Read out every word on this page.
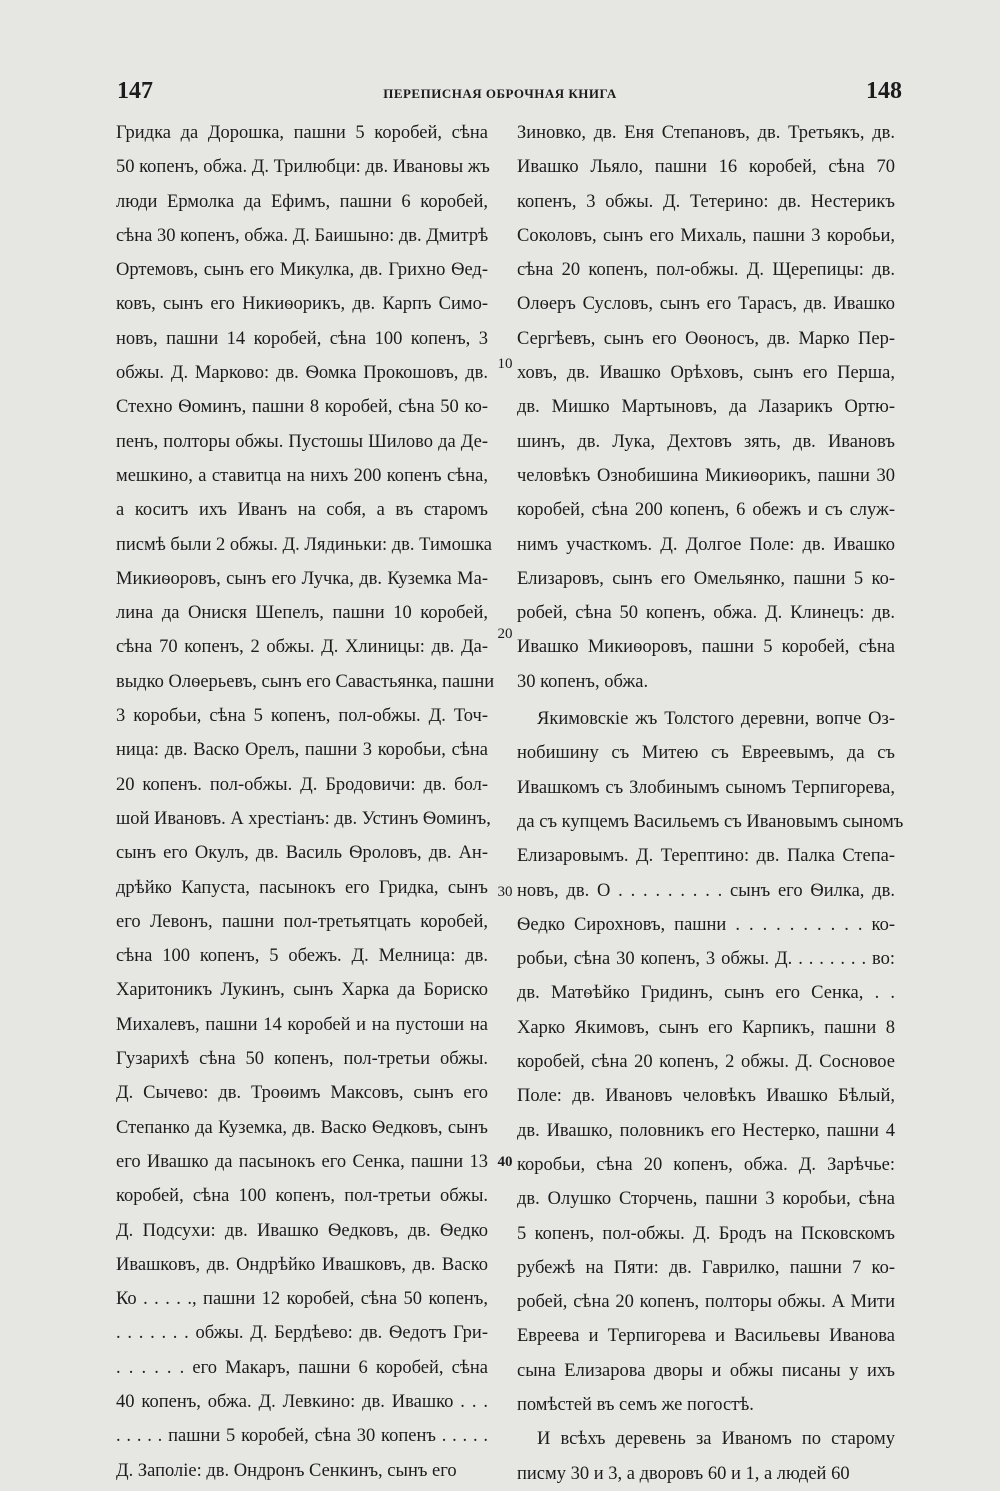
147	ПЕРЕПИСНАЯ ОБРОЧНАЯ КНИГА	148
Гридка да Дорошка, пашни 5 коробей, сѣна
50 копенъ, обжа. Д. Трилюбци: дв. Ивановы жъ
люди Ермолка да Ефимъ, пашни 6 коробей,
сѣна 30 копенъ, обжа. Д. Баишыно: дв. Дмитрѣ
Ортемовъ, сынъ его Микулка, дв. Грихно Ѳед-
ковъ, сынъ его Никиѳорикъ, дв. Карпъ Симо-
новъ, пашни 14 коробей, сѣна 100 копенъ, 3
обжы. Д. Марково: дв. Ѳомка Прокошовъ, дв.
Стехно Ѳоминъ, пашни 8 коробей, сѣна 50 ко-
пенъ, полторы обжы. Пустошы Шилово да Де-
мешкино, а ставитца на нихъ 200 копенъ сѣна,
а коситъ ихъ Иванъ на собя, а въ старомъ
писмѣ были 2 обжы. Д. Лядиньки: дв. Тимошка
Микиѳоровъ, сынъ его Лучка, дв. Куземка Ма-
лина да Онискя Шепелъ, пашни 10 коробей,
сѣна 70 копенъ, 2 обжы. Д. Хлиницы: дв. Да-
выдко Олѳерьевъ, сынъ его Савастьянка, пашни
3 коробьи, сѣна 5 копенъ, пол-обжы. Д. Точ-
ница: дв. Васко Орелъ, пашни 3 коробьи, сѣна
20 копенъ. пол-обжы. Д. Бродовичи: дв. бол-
шой Ивановъ. А хрестіанъ: дв. Устинъ Ѳоминъ,
сынъ его Окулъ, дв. Василь Ѳроловъ, дв. Ан-
дрѣйко Капуста, пасынокъ его Гридка, сынъ
его Левонъ, пашни пол-третьятцать коробей,
сѣна 100 копенъ, 5 обежъ. Д. Мелница: дв.
Харитоникъ Лукинъ, сынъ Харка да Бориско
Михалевъ, пашни 14 коробей и на пустоши на
Гузарихѣ сѣна 50 копенъ, пол-третьи обжы.
Д. Сычево: дв. Троѳимъ Максовъ, сынъ его
Степанко да Куземка, дв. Васко Ѳедковъ, сынъ
его Ивашко да пасынокъ его Сенка, пашни 13
коробей, сѣна 100 копенъ, пол-третьи обжы.
Д. Подсухи: дв. Ивашко Ѳедковъ, дв. Ѳедко
Ивашковъ, дв. Ондрѣйко Ивашковъ, дв. Васко
Ко . . . . ., пашни 12 коробей, сѣна 50 копенъ,
. . . . . . . обжы. Д. Бердѣево: дв. Ѳедотъ Гри-
. . . . . . его Макаръ, пашни 6 коробей, сѣна
40 копенъ, обжа. Д. Левкино: дв. Ивашко . . .
. . . . . пашни 5 коробей, сѣна 30 копенъ . . . . .
Д. Заполіе: дв. Ондронъ Сенкинъ, сынъ его
Зиновко, дв. Еня Степановъ, дв. Третьякъ, дв.
Ивашко Льяло, пашни 16 коробей, сѣна 70
копенъ, 3 обжы. Д. Тетерино: дв. Нестерикъ
Соколовъ, сынъ его Михаль, пашни 3 коробьи,
сѣна 20 копенъ, пол-обжы. Д. Щерепицы: дв.
Олѳеръ Сусловъ, сынъ его Тарасъ, дв. Ивашко
Сергѣевъ, сынъ его Оѳоносъ, дв. Марко Пер-
ховъ, дв. Ивашко Орѣховъ, сынъ его Перша,
дв. Мишко Мартыновъ, да Лазарикъ Ортю-
шинъ, дв. Лука, Дехтовъ зять, дв. Ивановъ
человѣкъ Ознобишина Микиѳорикъ, пашни 30
коробей, сѣна 200 копенъ, 6 обежъ и съ служ-
нимъ участкомъ. Д. Долгое Поле: дв. Ивашко
Елизаровъ, сынъ его Омельянко, пашни 5 ко-
робей, сѣна 50 копенъ, обжа. Д. Клинецъ: дв.
Ивашко Микиѳоровъ, пашни 5 коробей, сѣна
30 копенъ, обжа.
Якимовскіе жъ Толстого деревни, вопче Оз-
нобишину съ Митею съ Евреевымъ, да съ
Ивашкомъ съ Злобинымъ сыномъ Терпигорева,
да съ купцемъ Васильемъ съ Ивановымъ сыномъ
Елизаровымъ. Д. Терептино: дв. Палка Степа-
новъ, дв. О . . . . . . . . . сынъ его Ѳилка, дв.
Ѳедко Сирохновъ, пашни . . . . . . . . . . ко-
робьи, сѣна 30 копенъ, 3 обжы. Д. . . . . . . . во:
дв. Матѳѣйко Гридинъ, сынъ его Сенка, . .
Харко Якимовъ, сынъ его Карпикъ, пашни 8
коробей, сѣна 20 копенъ, 2 обжы. Д. Сосновое
Поле: дв. Ивановъ человѣкъ Ивашко Бѣлый,
дв. Ивашко, половникъ его Нестерко, пашни 4
коробьи, сѣна 20 копенъ, обжа. Д. Зарѣчье:
дв. Олушко Сторчень, пашни 3 коробьи, сѣна
5 копенъ, пол-обжы. Д. Бродъ на Псковскомъ
рубежѣ на Пяти: дв. Гаврилко, пашни 7 ко-
робей, сѣна 20 копенъ, полторы обжы. А Мити
Евреева и Терпигорева и Васильевы Иванова
сына Елизарова дворы и обжы писаны у ихъ
помѣстей въ семъ же погостѣ.
И всѣхъ деревень за Иваномъ по старому
писму 30 и 3, а дворовъ 60 и 1, а людей 60
10
20
30
40
